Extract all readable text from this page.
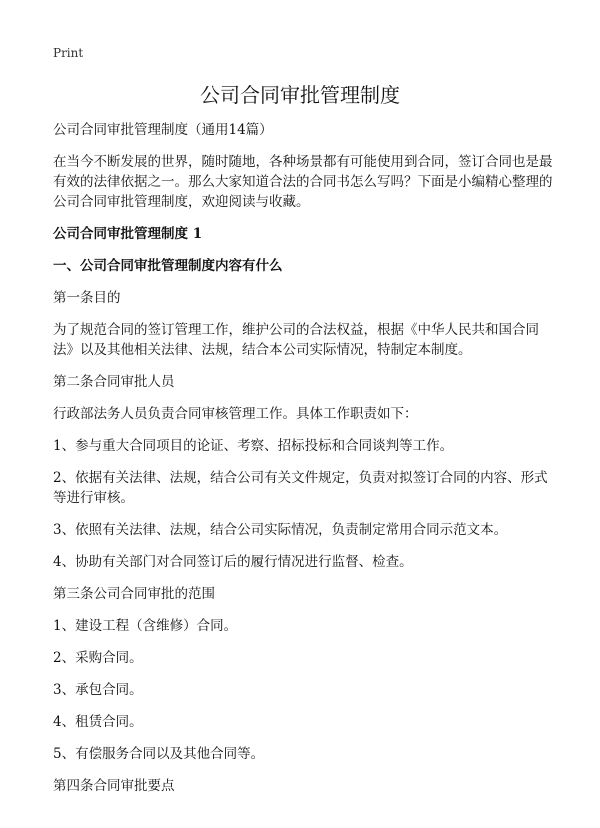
Print
公司合同审批管理制度

公司合同审批管理制度（通用14篇）

在当今不断发展的世界，随时随地，各种场景都有可能使用到合同，签订合同也是最有效的法律依据之一。那么大家知道合法的合同书怎么写吗？下面是小编精心整理的公司合同审批管理制度，欢迎阅读与收藏。

公司合同审批管理制度 1

一、公司合同审批管理制度内容有什么

第一条目的

为了规范合同的签订管理工作，维护公司的合法权益，根据《中华人民共和国合同法》以及其他相关法律、法规，结合本公司实际情况，特制定本制度。

第二条合同审批人员

行政部法务人员负责合同审核管理工作。具体工作职责如下：

1、参与重大合同项目的论证、考察、招标投标和合同谈判等工作。

2、依据有关法律、法规，结合公司有关文件规定，负责对拟签订合同的内容、形式等进行审核。

3、依照有关法律、法规，结合公司实际情况，负责制定常用合同示范文本。

4、协助有关部门对合同签订后的履行情况进行监督、检查。

第三条公司合同审批的范围

1、建设工程（含维修）合同。

2、采购合同。

3、承包合同。

4、租赁合同。

5、有偿服务合同以及其他合同等。

第四条合同审批要点
